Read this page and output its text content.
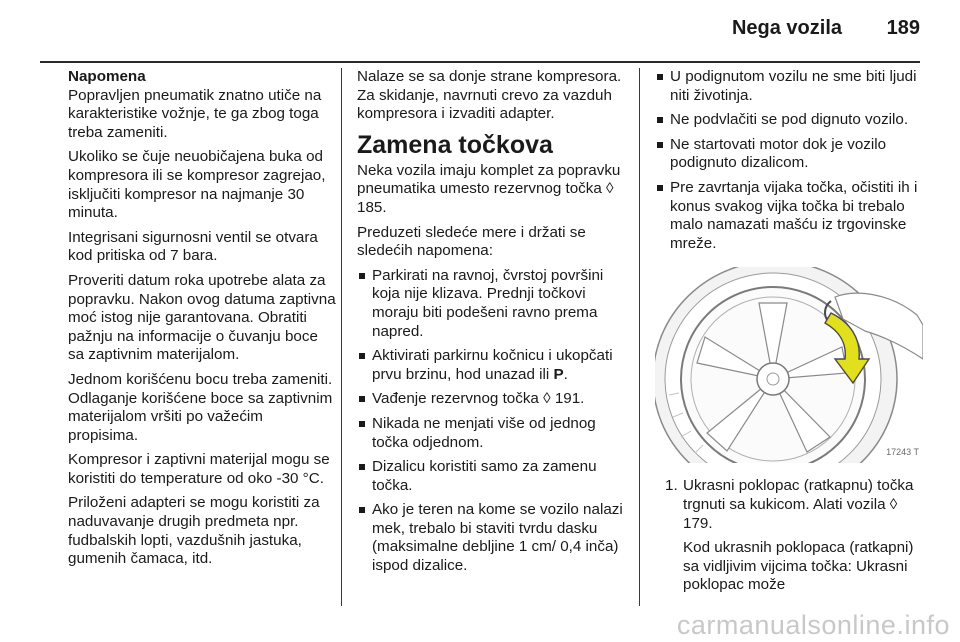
Nega vozila 189

Napomena

Popravljen pneumatik znatno utiče na karakteristike vožnje, te ga zbog toga treba zameniti.

Ukoliko se čuje neuobičajena buka od kompresora ili se kompresor zagrejao, isključiti kompresor na najmanje 30 minuta.

Integrisani sigurnosni ventil se otvara kod pritiska od 7 bara.

Proveriti datum roka upotrebe alata za popravku. Nakon ovog datuma zaptivna moć istog nije garantovana. Obratiti pažnju na informacije o čuvanju boce sa zaptivnim materijalom.

Jednom korišćenu bocu treba zameniti. Odlaganje korišćene boce sa zaptivnim materijalom vršiti po važećim propisima.

Kompresor i zaptivni materijal mogu se koristiti do temperature od oko -30 °C.

Priloženi adapteri se mogu koristiti za naduvavanje drugih predmeta npr. fudbalskih lopti, vazdušnih jastuka, gumenih čamaca, itd.

Nalaze se sa donje strane kompresora. Za skidanje, navrnuti crevo za vazduh kompresora i izvaditi adapter.

Zamena točkova

Neka vozila imaju komplet za popravku pneumatika umesto rezervnog točka ◊ 185.

Preduzeti sledeće mere i držati se sledećih napomena:

Parkirati na ravnoj, čvrstoj površini koja nije klizava. Prednji točkovi moraju biti podešeni ravno prema napred.
Aktivirati parkirnu kočnicu i ukopčati prvu brzinu, hod unazad ili P.
Vađenje rezervnog točka ◊ 191.
Nikada ne menjati više od jednog točka odjednom.
Dizalicu koristiti samo za zamenu točka.
Ako je teren na kome se vozilo nalazi mek, trebalo bi staviti tvrdu dasku (maksimalne debljine 1 cm/ 0,4 inča) ispod dizalice.
U podignutom vozilu ne sme biti ljudi niti životinja.
Ne podvlačiti se pod dignuto vozilo.
Ne startovati motor dok je vozilo podignuto dizalicom.
Pre zavrtanja vijaka točka, očistiti ih i konus svakog vijka točka bi trebalo malo namazati mašću iz trgovinske mreže.
17243 T
1. Ukrasni poklopac (ratkapnu) točka trgnuti sa kukicom. Alati vozila ◊ 179.

Kod ukrasnih poklopaca (ratkapni) sa vidljivim vijcima točka: Ukrasni poklopac može

carmanualsonline.info
